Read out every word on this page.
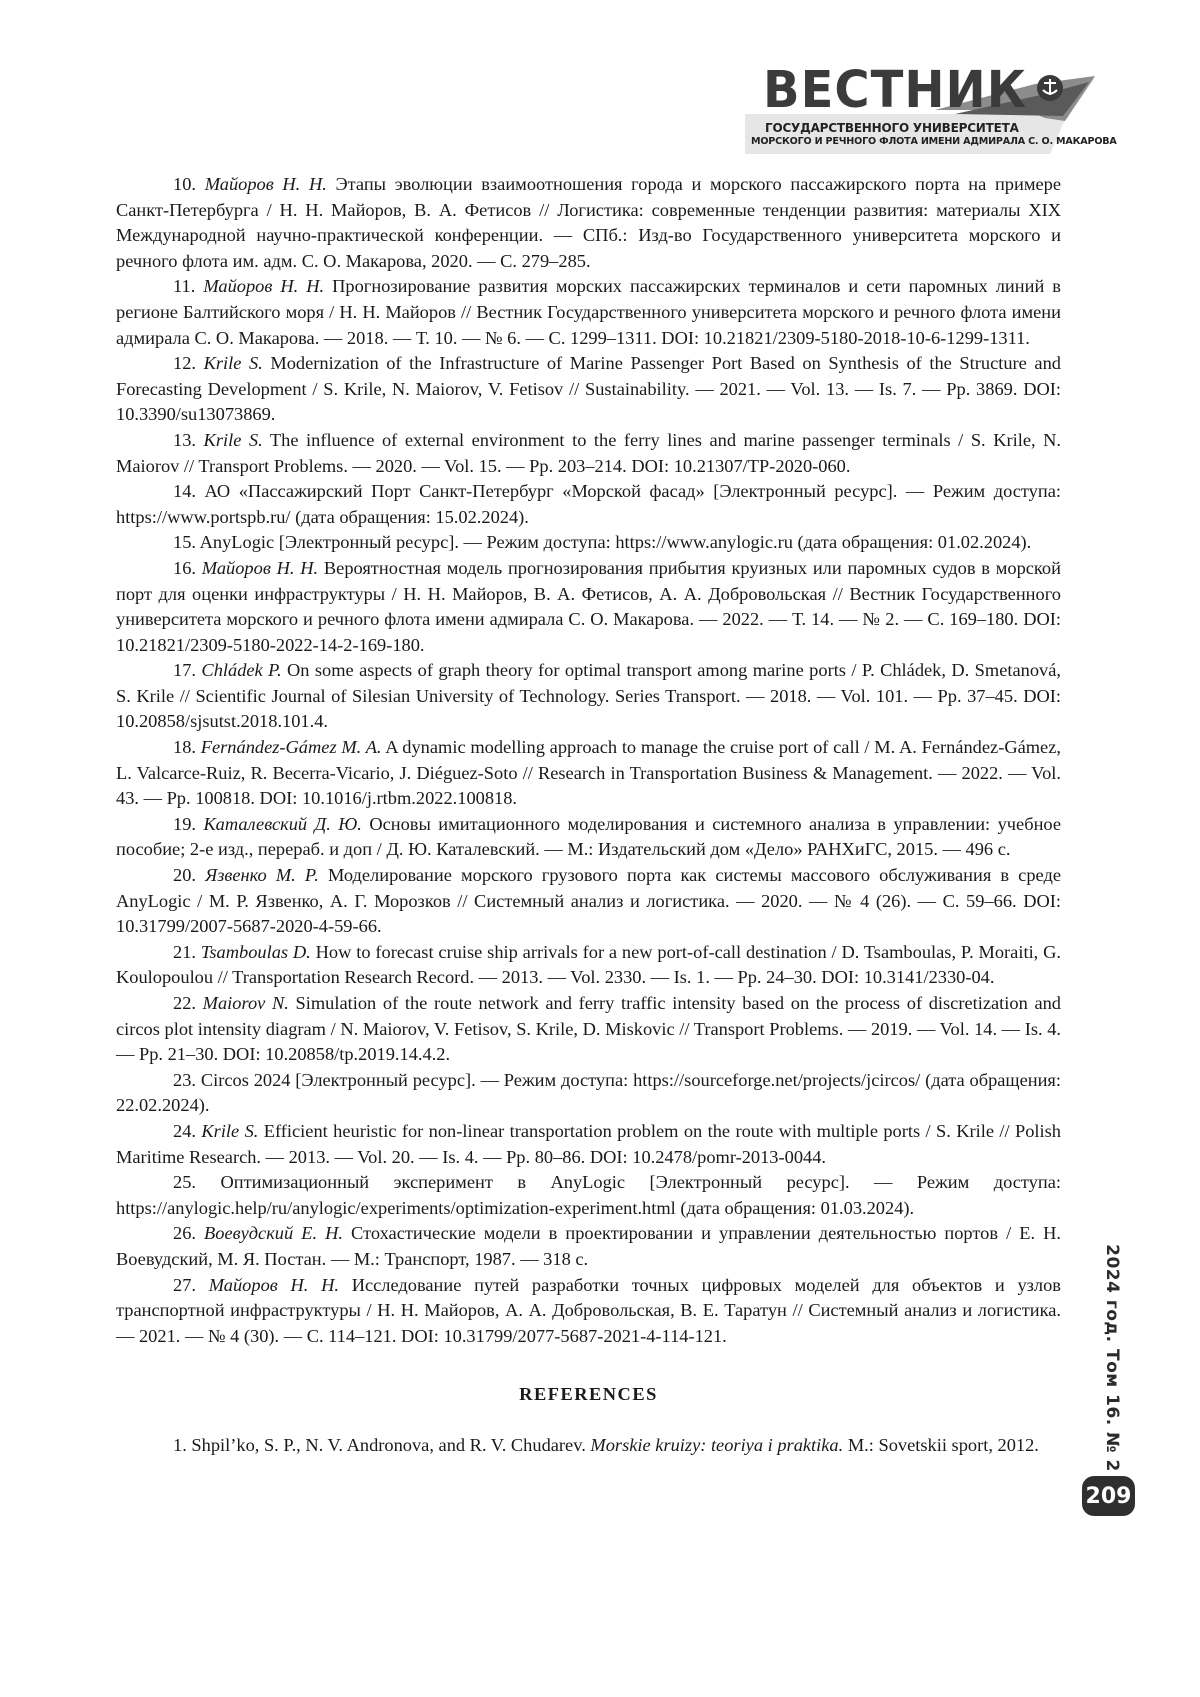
ВЕСТНИК
ГОСУДАРСТВЕННОГО УНИВЕРСИТЕТА
МОРСКОГО И РЕЧНОГО ФЛОТА ИМЕНИ АДМИРАЛА С. О. МАКАРОВА

10. Майоров Н. Н. Этапы эволюции взаимоотношения города и морского пассажирского порта на примере Санкт-Петербурга / Н. Н. Майоров, В. А. Фетисов // Логистика: современные тенденции развития: материалы XIX Международной научно-практической конференции. — СПб.: Изд-во Государственного университета морского и речного флота им. адм. С. О. Макарова, 2020. — С. 279–285.

11. Майоров Н. Н. Прогнозирование развития морских пассажирских терминалов и сети паромных линий в регионе Балтийского моря / Н. Н. Майоров // Вестник Государственного университета морского и речного флота имени адмирала С. О. Макарова. — 2018. — Т. 10. — № 6. — С. 1299–1311. DOI: 10.21821/2309-5180-2018-10-6-1299-1311.

12. Krile S. Modernization of the Infrastructure of Marine Passenger Port Based on Synthesis of the Structure and Forecasting Development / S. Krile, N. Maiorov, V. Fetisov // Sustainability. — 2021. — Vol. 13. — Is. 7. — Pp. 3869. DOI: 10.3390/su13073869.

13. Krile S. The influence of external environment to the ferry lines and marine passenger terminals / S. Krile, N. Maiorov // Transport Problems. — 2020. — Vol. 15. — Pp. 203–214. DOI: 10.21307/TP-2020-060.

14. АО «Пассажирский Порт Санкт-Петербург «Морской фасад» [Электронный ресурс]. — Режим доступа: https://www.portspb.ru/ (дата обращения: 15.02.2024).

15. AnyLogic [Электронный ресурс]. — Режим доступа: https://www.anylogic.ru (дата обращения: 01.02.2024).

16. Майоров Н. Н. Вероятностная модель прогнозирования прибытия круизных или паромных судов в морской порт для оценки инфраструктуры / Н. Н. Майоров, В. А. Фетисов, А. А. Добровольская // Вестник Государственного университета морского и речного флота имени адмирала С. О. Макарова. — 2022. — Т. 14. — № 2. — С. 169–180. DOI: 10.21821/2309-5180-2022-14-2-169-180.

17. Chládek P. On some aspects of graph theory for optimal transport among marine ports / P. Chládek, D. Smetanová, S. Krile // Scientific Journal of Silesian University of Technology. Series Transport. — 2018. — Vol. 101. — Pp. 37–45. DOI: 10.20858/sjsutst.2018.101.4.

18. Fernández-Gámez M. A. A dynamic modelling approach to manage the cruise port of call / M. A. Fernández-Gámez, L. Valcarce-Ruiz, R. Becerra-Vicario, J. Diéguez-Soto // Research in Transportation Business & Management. — 2022. — Vol. 43. — Pp. 100818. DOI: 10.1016/j.rtbm.2022.100818.

19. Каталевский Д. Ю. Основы имитационного моделирования и системного анализа в управлении: учебное пособие; 2-е изд., перераб. и доп / Д. Ю. Каталевский. — М.: Издательский дом «Дело» РАНХиГС, 2015. — 496 с.

20. Язвенко М. Р. Моделирование морского грузового порта как системы массового обслуживания в среде AnyLogic / М. Р. Язвенко, А. Г. Морозков // Системный анализ и логистика. — 2020. — № 4 (26). — С. 59–66. DOI: 10.31799/2007-5687-2020-4-59-66.

21. Tsamboulas D. How to forecast cruise ship arrivals for a new port-of-call destination / D. Tsamboulas, P. Moraiti, G. Koulopoulou // Transportation Research Record. — 2013. — Vol. 2330. — Is. 1. — Pp. 24–30. DOI: 10.3141/2330-04.

22. Maiorov N. Simulation of the route network and ferry traffic intensity based on the process of discretization and circos plot intensity diagram / N. Maiorov, V. Fetisov, S. Krile, D. Miskovic // Transport Problems. — 2019. — Vol. 14. — Is. 4. — Pp. 21–30. DOI: 10.20858/tp.2019.14.4.2.

23. Circos 2024 [Электронный ресурс]. — Режим доступа: https://sourceforge.net/projects/jcircos/ (дата обращения: 22.02.2024).

24. Krile S. Efficient heuristic for non-linear transportation problem on the route with multiple ports / S. Krile // Polish Maritime Research. — 2013. — Vol. 20. — Is. 4. — Pp. 80–86. DOI: 10.2478/pomr-2013-0044.

25. Оптимизационный эксперимент в AnyLogic [Электронный ресурс]. — Режим доступа: https://anylogic.help/ru/anylogic/experiments/optimization-experiment.html (дата обращения: 01.03.2024).

26. Воевудский Е. Н. Стохастические модели в проектировании и управлении деятельностью портов / Е. Н. Воевудский, М. Я. Постан. — М.: Транспорт, 1987. — 318 с.

27. Майоров Н. Н. Исследование путей разработки точных цифровых моделей для объектов и узлов транспортной инфраструктуры / Н. Н. Майоров, А. А. Добровольская, В. Е. Таратун // Системный анализ и логистика. — 2021. — № 4 (30). — С. 114–121. DOI: 10.31799/2077-5687-2021-4-114-121.

REFERENCES

1. Shpil’ko, S. P., N. V. Andronova, and R. V. Chudarev. Morskie kruizy: teoriya i praktika. M.: Sovetskii sport, 2012.	2024 год. Том 16. № 2
209
